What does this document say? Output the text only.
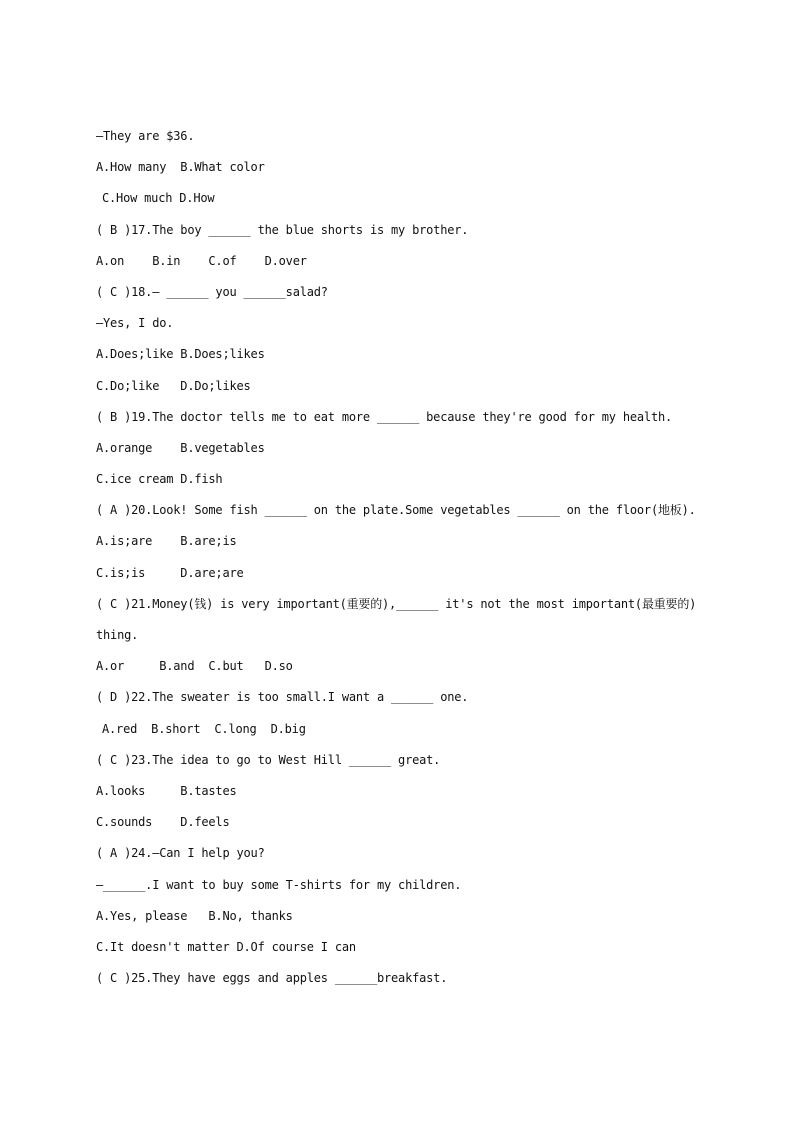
—They are $36.
A.How many  B.What color
C.How much D.How
( B )17.The boy ______ the blue shorts is my brother.
A.on    B.in    C.of    D.over
( C )18.— ______ you ______salad?
—Yes, I do.
A.Does;like B.Does;likes
C.Do;like   D.Do;likes
( B )19.The doctor tells me to eat more ______ because they're good for my health.
A.orange    B.vegetables
C.ice cream D.fish
( A )20.Look! Some fish ______ on the plate.Some vegetables ______ on the floor(地板).
A.is;are    B.are;is
C.is;is     D.are;are
( C )21.Money(钱) is very important(重要的),______ it's not the most important(最重要的)
thing.
A.or     B.and  C.but   D.so
( D )22.The sweater is too small.I want a ______ one.
A.red  B.short  C.long  D.big
( C )23.The idea to go to West Hill ______ great.
A.looks     B.tastes
C.sounds    D.feels
( A )24.—Can I help you?
—______.I want to buy some T-shirts for my children.
A.Yes, please   B.No, thanks
C.It doesn't matter D.Of course I can
( C )25.They have eggs and apples ______breakfast.
